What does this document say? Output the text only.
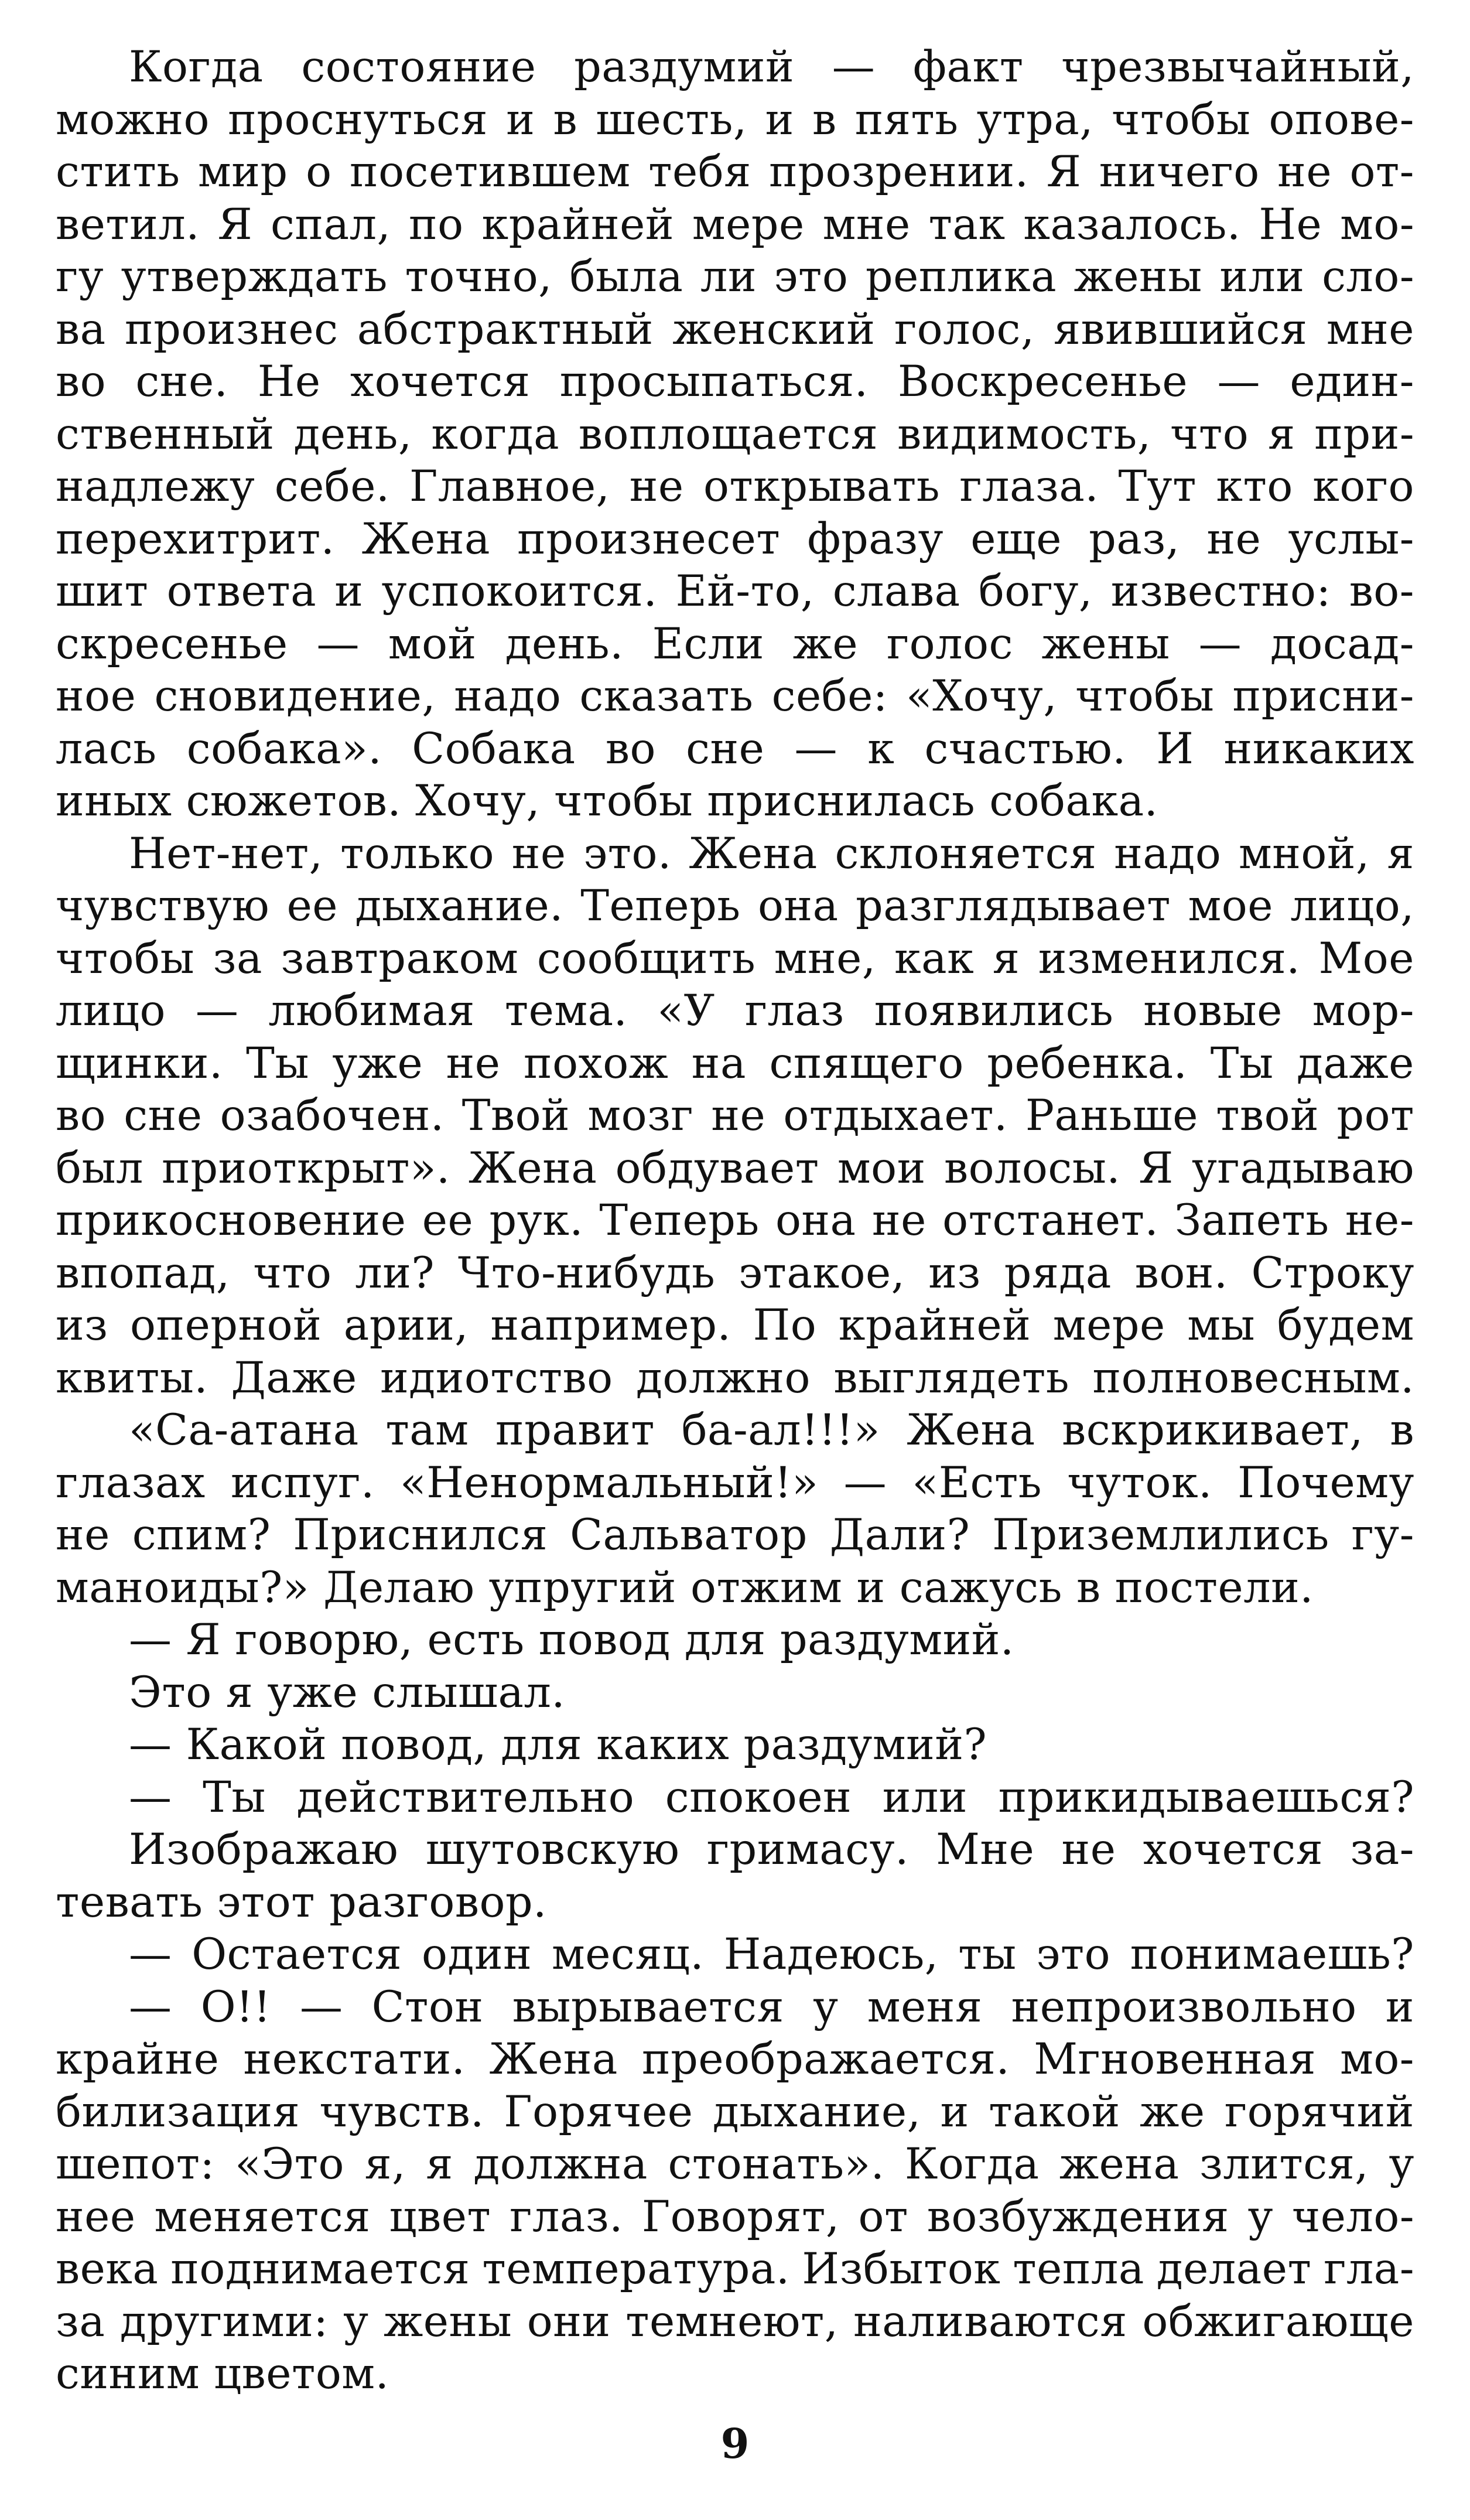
Когда состояние раздумий — факт чрезвычайный,
можно проснуться и в шесть, и в пять утра, чтобы опове-
стить мир о посетившем тебя прозрении. Я ничего не от-
ветил. Я спал, по крайней мере мне так казалось. Не мо-
гу утверждать точно, была ли это реплика жены или сло-
ва произнес абстрактный женский голос, явившийся мне
во сне. Не хочется просыпаться. Воскресенье — един-
ственный день, когда воплощается видимость, что я при-
надлежу себе. Главное, не открывать глаза. Тут кто кого
перехитрит. Жена произнесет фразу еще раз, не услы-
шит ответа и успокоится. Ей-то, слава богу, известно: во-
скресенье — мой день. Если же голос жены — досад-
ное сновидение, надо сказать себе: «Хочу, чтобы присни-
лась собака». Собака во сне — к счастью. И никаких
иных сюжетов. Хочу, чтобы приснилась собака.
Нет-нет, только не это. Жена склоняется надо мной, я
чувствую ее дыхание. Теперь она разглядывает мое лицо,
чтобы за завтраком сообщить мне, как я изменился. Мое
лицо — любимая тема. «У глаз появились новые мор-
щинки. Ты уже не похож на спящего ребенка. Ты даже
во сне озабочен. Твой мозг не отдыхает. Раньше твой рот
был приоткрыт». Жена обдувает мои волосы. Я угадываю
прикосновение ее рук. Теперь она не отстанет. Запеть не-
впопад, что ли? Что-нибудь этакое, из ряда вон. Строку
из оперной арии, например. По крайней мере мы будем
квиты. Даже идиотство должно выглядеть полновесным.
«Са-атана там правит ба-ал!!!» Жена вскрикивает, в
глазах испуг. «Ненормальный!» — «Есть чуток. Почему
не спим? Приснился Сальватор Дали? Приземлились гу-
маноиды?» Делаю упругий отжим и сажусь в постели.
— Я говорю, есть повод для раздумий.
Это я уже слышал.
— Какой повод, для каких раздумий?
— Ты действительно спокоен или прикидываешься?
Изображаю шутовскую гримасу. Мне не хочется за-
тевать этот разговор.
— Остается один месяц. Надеюсь, ты это понимаешь?
— О!! — Стон вырывается у меня непроизвольно и
крайне некстати. Жена преображается. Мгновенная мо-
билизация чувств. Горячее дыхание, и такой же горячий
шепот: «Это я, я должна стонать». Когда жена злится, у
нее меняется цвет глаз. Говорят, от возбуждения у чело-
века поднимается температура. Избыток тепла делает гла-
за другими: у жены они темнеют, наливаются обжигающе
синим цветом.
9
